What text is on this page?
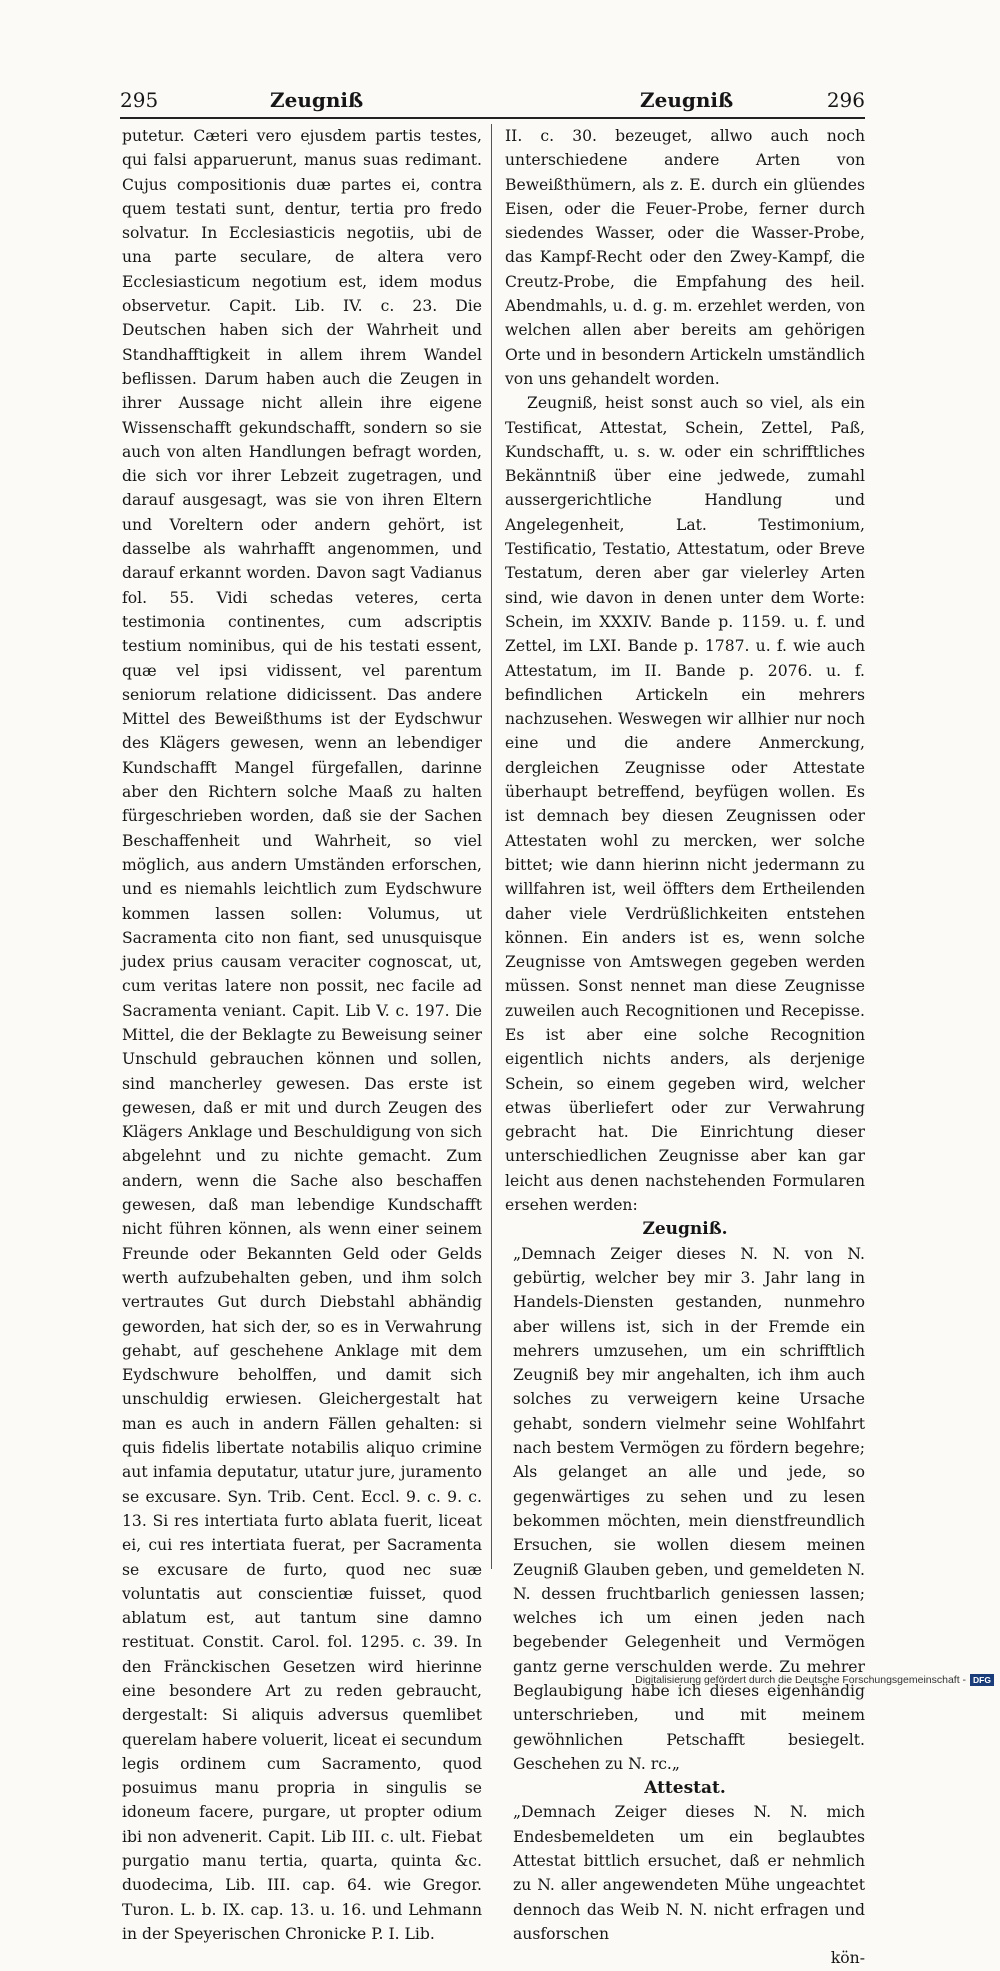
295	Zeugniß	Zeugniß	296

putetur. Cæteri vero ejusdem partis testes, qui falsi apparuerunt, manus suas redimant. Cujus compositionis duæ partes ei, contra quem testati sunt, dentur, tertia pro fredo solvatur. In Ecclesiasticis negotiis, ubi de una parte seculare, de altera vero Ecclesiasticum negotium est, idem modus observetur. Capit. Lib. IV. c. 23. Die Deutschen haben sich der Wahrheit und Standhafftigkeit in allem ihrem Wandel beflissen. Darum haben auch die Zeugen in ihrer Aussage nicht allein ihre eigene Wissenschafft gekundschafft, sondern so sie auch von alten Handlungen befragt worden, die sich vor ihrer Lebzeit zugetragen, und darauf ausgesagt, was sie von ihren Eltern und Voreltern oder andern gehört, ist dasselbe als wahrhafft angenommen, und darauf erkannt worden. Davon sagt Vadianus fol. 55. Vidi schedas veteres, certa testimonia continentes, cum adscriptis testium nominibus, qui de his testati essent, quæ vel ipsi vidissent, vel parentum seniorum relatione didicissent. Das andere Mittel des Beweißthums ist der Eydschwur des Klägers gewesen, wenn an lebendiger Kundschafft Mangel fürgefallen, darinne aber den Richtern solche Maaß zu halten fürgeschrieben worden, daß sie der Sachen Beschaffenheit und Wahrheit, so viel möglich, aus andern Umständen erforschen, und es niemahls leichtlich zum Eydschwure kommen lassen sollen: Volumus, ut Sacramenta cito non fiant, sed unusquisque judex prius causam veraciter cognoscat, ut, cum veritas latere non possit, nec facile ad Sacramenta veniant. Capit. Lib V. c. 197. Die Mittel, die der Beklagte zu Beweisung seiner Unschuld gebrauchen können und sollen, sind mancherley gewesen. Das erste ist gewesen, daß er mit und durch Zeugen des Klägers Anklage und Beschuldigung von sich abgelehnt und zu nichte gemacht. Zum andern, wenn die Sache also beschaffen gewesen, daß man lebendige Kundschafft nicht führen können, als wenn einer seinem Freunde oder Bekannten Geld oder Gelds werth aufzubehalten geben, und ihm solch vertrautes Gut durch Diebstahl abhändig geworden, hat sich der, so es in Verwahrung gehabt, auf geschehene Anklage mit dem Eydschwure beholffen, und damit sich unschuldig erwiesen. Gleichergestalt hat man es auch in andern Fällen gehalten: si quis fidelis libertate notabilis aliquo crimine aut infamia deputatur, utatur jure, juramento se excusare. Syn. Trib. Cent. Eccl. 9. c. 9. c. 13. Si res intertiata furto ablata fuerit, liceat ei, cui res intertiata fuerat, per Sacramenta se excusare de furto, quod nec suæ voluntatis aut conscientiæ fuisset, quod ablatum est, aut tantum sine damno restituat. Constit. Carol. fol. 1295. c. 39. In den Fränckischen Gesetzen wird hierinne eine besondere Art zu reden gebraucht, dergestalt: Si aliquis adversus quemlibet querelam habere voluerit, liceat ei secundum legis ordinem cum Sacramento, quod posuimus manu propria in singulis se idoneum facere, purgare, ut propter odium ibi non advenerit. Capit. Lib III. c. ult. Fiebat purgatio manu tertia, quarta, quinta &c. duodecima, Lib. III. cap. 64. wie Gregor. Turon. L. b. IX. cap. 13. u. 16. und Lehmann in der Speyerischen Chronicke P. I. Lib.

II. c. 30. bezeuget, allwo auch noch unterschiedene andere Arten von Beweißthümern, als z. E. durch ein glüendes Eisen, oder die Feuer-Probe, ferner durch siedendes Wasser, oder die Wasser-Probe, das Kampf-Recht oder den Zwey-Kampf, die Creutz-Probe, die Empfahung des heil. Abendmahls, u. d. g. m. erzehlet werden, von welchen allen aber bereits am gehörigen Orte und in besondern Artickeln umständlich von uns gehandelt worden.

Zeugniß, heist sonst auch so viel, als ein Testificat, Attestat, Schein, Zettel, Paß, Kundschafft, u. s. w. oder ein schrifftliches Bekänntniß über eine jedwede, zumahl aussergerichtliche Handlung und Angelegenheit, Lat. Testimonium, Testificatio, Testatio, Attestatum, oder Breve Testatum, deren aber gar vielerley Arten sind, wie davon in denen unter dem Worte: Schein, im XXXIV. Bande p. 1159. u. f. und Zettel, im LXI. Bande p. 1787. u. f. wie auch Attestatum, im II. Bande p. 2076. u. f. befindlichen Artickeln ein mehrers nachzusehen. Weswegen wir allhier nur noch eine und die andere Anmerckung, dergleichen Zeugnisse oder Attestate überhaupt betreffend, beyfügen wollen. Es ist demnach bey diesen Zeugnissen oder Attestaten wohl zu mercken, wer solche bittet; wie dann hierinn nicht jedermann zu willfahren ist, weil öffters dem Ertheilenden daher viele Verdrüßlichkeiten entstehen können. Ein anders ist es, wenn solche Zeugnisse von Amtswegen gegeben werden müssen. Sonst nennet man diese Zeugnisse zuweilen auch Recognitionen und Recepisse. Es ist aber eine solche Recognition eigentlich nichts anders, als derjenige Schein, so einem gegeben wird, welcher etwas überliefert oder zur Verwahrung gebracht hat. Die Einrichtung dieser unterschiedlichen Zeugnisse aber kan gar leicht aus denen nachstehenden Formularen ersehen werden:

Zeugniß.

„Demnach Zeiger dieses N. N. von N. gebürtig, welcher bey mir 3. Jahr lang in Handels-Diensten gestanden, nunmehro aber willens ist, sich in der Fremde ein mehrers umzusehen, um ein schrifftlich Zeugniß bey mir angehalten, ich ihm auch solches zu verweigern keine Ursache gehabt, sondern vielmehr seine Wohlfahrt nach bestem Vermögen zu fördern begehre; Als gelanget an alle und jede, so gegenwärtiges zu sehen und zu lesen bekommen möchten, mein dienstfreundlich Ersuchen, sie wollen diesem meinen Zeugniß Glauben geben, und gemeldeten N. N. dessen fruchtbarlich geniessen lassen; welches ich um einen jeden nach begebender Gelegenheit und Vermögen gantz gerne verschulden werde. Zu mehrer Beglaubigung habe ich dieses eigenhändig unterschrieben, und mit meinem gewöhnlichen Petschafft besiegelt. Geschehen zu N. rc.„

Attestat.

„Demnach Zeiger dieses N. N. mich Endesbemeldeten um ein beglaubtes Attestat bittlich ersuchet, daß er nehmlich zu N. aller angewendeten Mühe ungeachtet dennoch das Weib N. N. nicht erfragen und ausforschen

kön-

Digitalisierung gefördert durch die Deutsche Forschungsgemeinschaft - DFG
